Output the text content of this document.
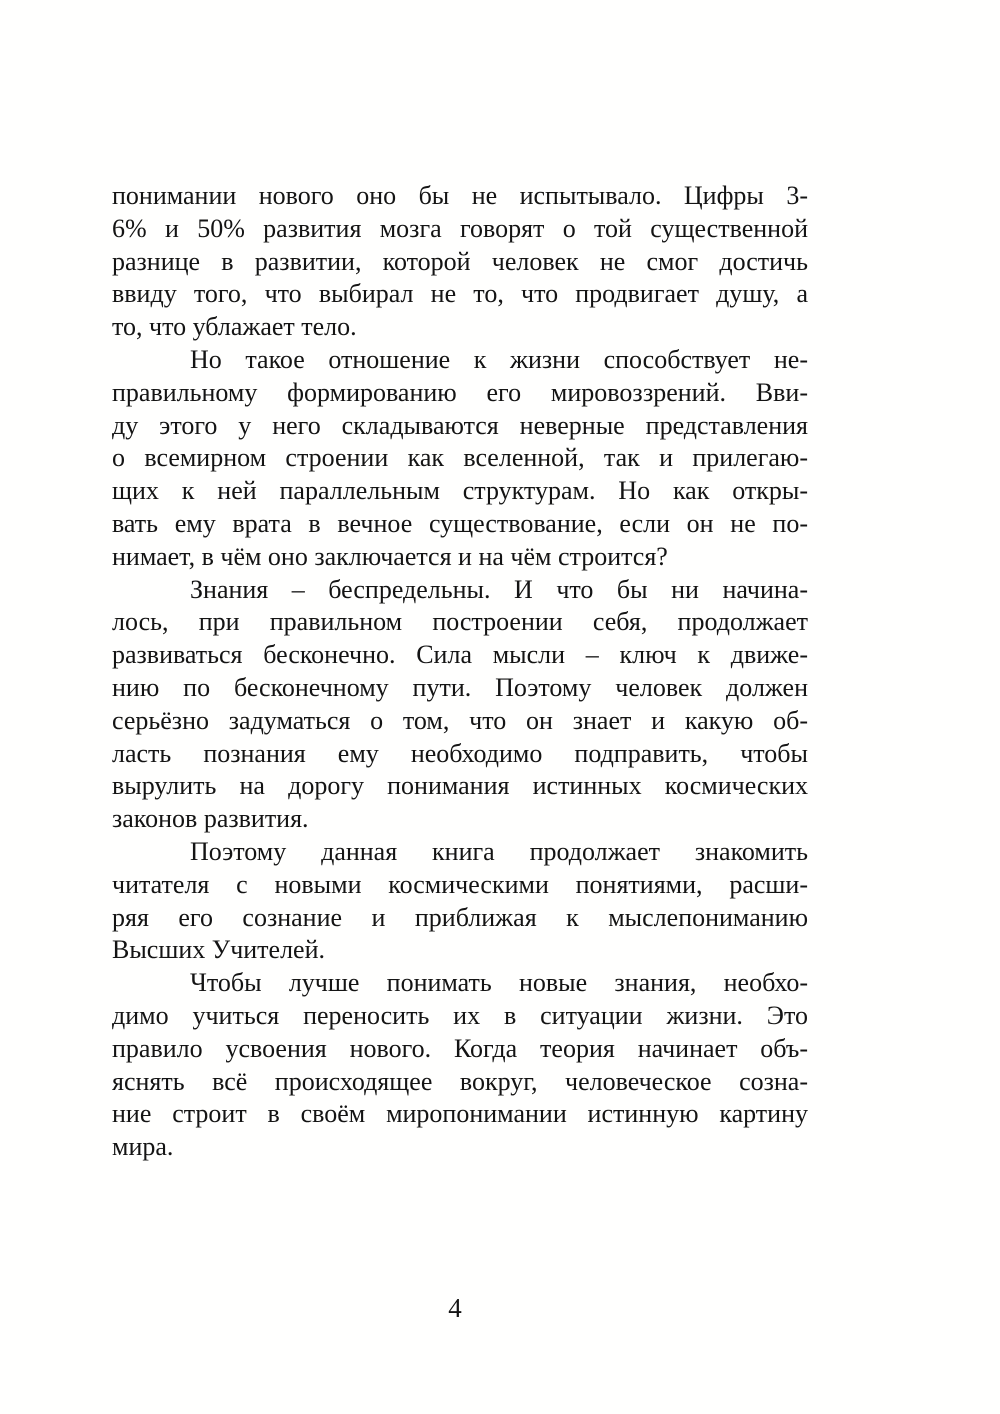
понимании нового оно бы не испытывало. Цифры 3-
6% и 50% развития мозга говорят о той существенной
разнице в развитии, которой человек не смог достичь
ввиду того, что выбирал не то, что продвигает душу, а
то, что ублажает тело.
Но такое отношение к жизни способствует не-
правильному формированию его мировоззрений. Вви-
ду этого у него складываются неверные представления
о всемирном строении как вселенной, так и прилегаю-
щих к ней параллельным структурам. Но как откры-
вать ему врата в вечное существование, если он не по-
нимает, в чём оно заключается и на чём строится?
Знания – беспредельны. И что бы ни начина-
лось, при правильном построении себя, продолжает
развиваться бесконечно. Сила мысли – ключ к движе-
нию по бесконечному пути. Поэтому человек должен
серьёзно задуматься о том, что он знает и какую об-
ласть познания ему необходимо подправить, чтобы
вырулить на дорогу понимания истинных космических
законов развития.
Поэтому данная книга продолжает знакомить
читателя с новыми космическими понятиями, расши-
ряя его сознание и приближая к мыслепониманию
Высших Учителей.
Чтобы лучше понимать новые знания, необхо-
димо учиться переносить их в ситуации жизни. Это
правило усвоения нового. Когда теория начинает объ-
яснять всё происходящее вокруг, человеческое созна-
ние строит в своём миропонимании истинную картину
мира.
4
